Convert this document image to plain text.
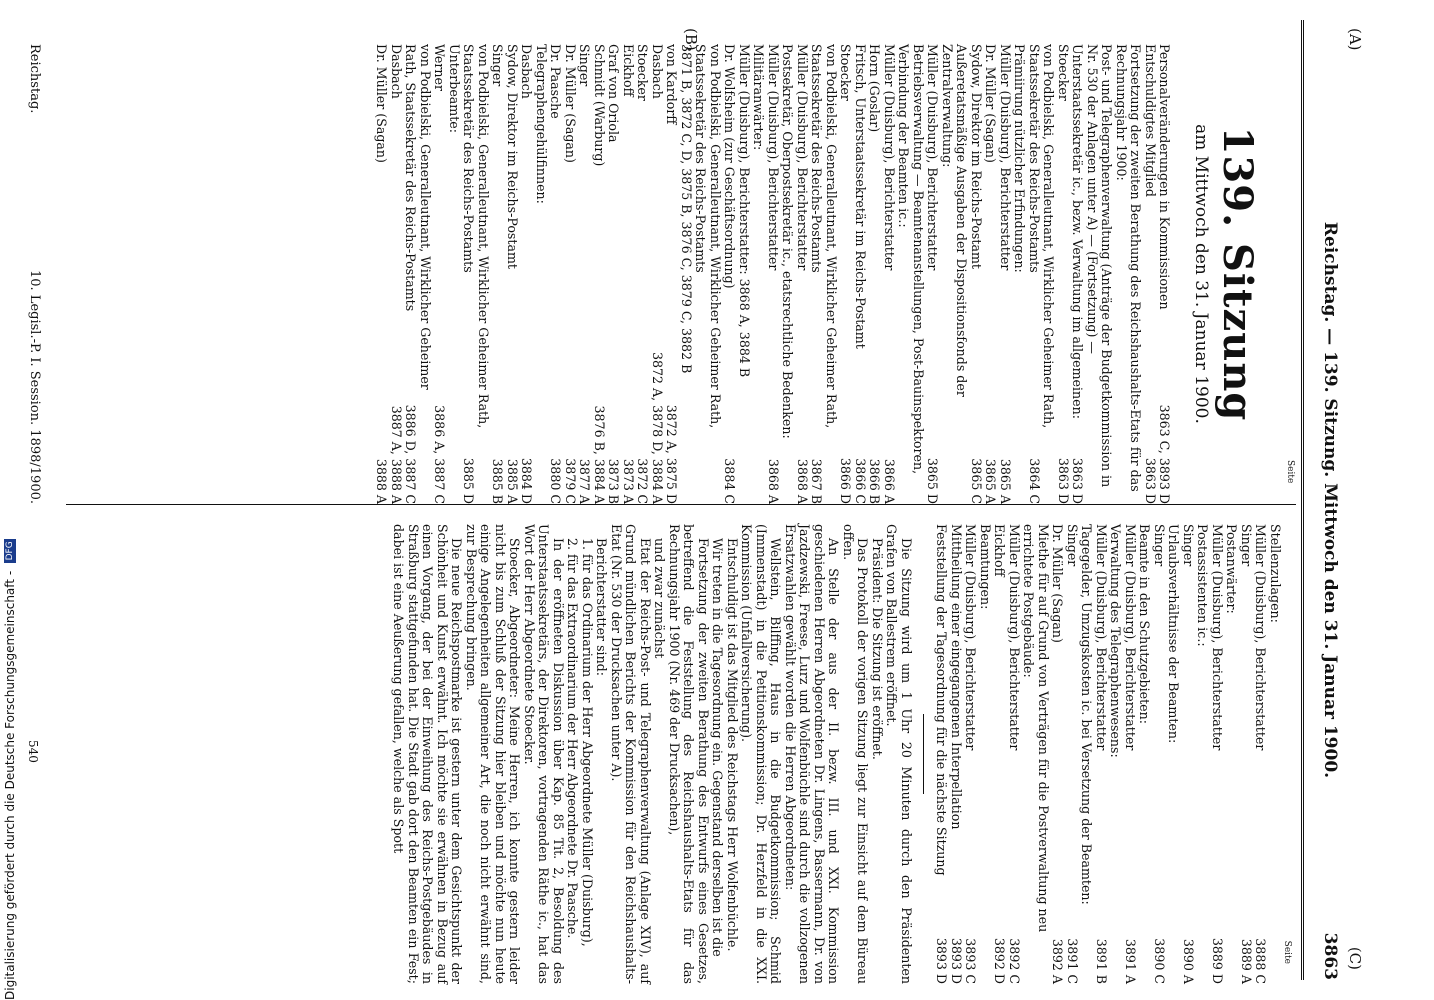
(A)
(C)
(B)
Reichstag. — 139. Sitzung. Mittwoch den 31. Januar 1900.
3863
Seite
Seite
139. Sitzung
am Mittwoch den 31. Januar 1900.
Personalveränderungen in Kommissionen
3863 C, 3893 D
Entschuldigtes Mitglied
3863 D
Fortsetzung der zweiten Berathung des Reichshaushalts-Etats für das Rechnungsjahr 1900:
Post- und Telegraphenverwaltung (Anträge der Budgetkommission in Nr. 530 der Anlagen unter A) — (Fortsetzung) —
Unterstaatssekretär ic., bezw. Verwaltung im allgemeinen:
3863 D
Stoecker
3863 D
von Podbielski, Generalleutnant, Wirklicher Geheimer Rath, Staatssekretär des Reichs-Postamts
3864 C
Prämiirung nützlicher Erfindungen:
Müller (Duisburg), Berichterstatter
3865 A
Dr. Müller (Sagan)
3865 A
Sydow, Direktor im Reichs-Postamt
3865 C
Außeretatsmäßige Ausgaben der Dispositionsfonds der Zentralverwaltung:
Müller (Duisburg), Berichterstatter
3865 D
Betriebsverwaltung — Beamtenanstellungen, Post-Bauinspektoren, Verbindung der Beamten ic.:
Müller (Duisburg), Berichterstatter
3866 A
Horn (Goslar)
3866 B
Fritsch, Unterstaatssekretär im Reichs-Postamt
3866 C
Stoecker
3866 D
von Podbielski, Generalleutnant, Wirklicher Geheimer Rath, Staatssekretär des Reichs-Postamts
3867 B
Müller (Duisburg), Berichterstatter
3868 A
Postsekretär, Oberpostsekretär ic., etatsrechtliche Bedenken:
Müller (Duisburg), Berichterstatter
3868 A
Militäranwärter:
Müller (Duisburg), Berichterstatter: 3868 A, 3884 B
Dr. Wolfsheim (zur Geschäftsordnung)
3884 C
von Podbielski, Generalleutnant, Wirklicher Geheimer Rath, Staatssekretär des Reichs-Postamts
3871 B, 3872 C, D, 3875 B, 3876 C, 3879 C, 3882 B
von Kardorff
3872 A, 3875 D
Dasbach
3872 A, 3878 D, 3884 A
Stoecker
3872 C
Eickhoff
3873 A
Graf von Oriola
3873 B
Schmidt (Warburg)
3876 B, 3884 A
Singer
3877 A
Dr. Müller (Sagan)
3879 C
Dr. Paasche
3880 C
Telegraphengehülfinnen:
Dasbach
3884 D
Sydow, Direktor im Reichs-Postamt
3885 A
Singer
3885 B
von Podbielski, Generalleutnant, Wirklicher Geheimer Rath, Staatssekretär des Reichs-Postamts
3885 D
Unterbeamte:
Werner
3886 A, 3887 C
von Podbielski, Generalleutnant, Wirklicher Geheimer Rath, Staatssekretär des Reichs-Postamts
3886 D, 3887 C
Dasbach
3887 A, 3888 A
Dr. Müller (Sagan)
3888 A
Stellenzulagen:
Müller (Duisburg), Berichterstatter
3888 C
Singer
3889 A
Postanwärter:
Müller (Duisburg), Berichterstatter
3889 D
Postassistenten ic.:
Singer
3890 A
Urlaubsverhältnisse der Beamten:
Singer
3890 C
Beamte in den Schutzgebieten:
Müller (Duisburg), Berichterstatter
3891 A
Verwaltung des Telegraphenwesens:
Müller (Duisburg), Berichterstatter
3891 B
Tagegelder, Umzugskosten ic. bei Versetzung der Beamten:
Singer
3891 C
Dr. Müller (Sagan)
3892 A
Miethe für auf Grund von Verträgen für die Postverwaltung neu errichtete Postgebäude:
Müller (Duisburg), Berichterstatter
3892 C
Eickhoff
3892 D
Beamtungen:
Müller (Duisburg), Berichterstatter
3893 C
Mittheilung einer eingegangenen Interpellation
3893 D
Feststellung der Tagesordnung für die nächste Sitzung
3893 D
Die Sitzung wird um 1 Uhr 20 Minuten durch den Präsidenten Grafen von Ballestrem eröffnet.
Präsident: Die Sitzung ist eröffnet.
Das Protokoll der vorigen Sitzung liegt zur Einsicht auf dem Büreau offen.
An Stelle der aus der II. bezw. III. und XXI. Kommission geschiedenen Herren Abgeordneten Dr. Lingens, Bassermann, Dr. von Jazdzewski, Freese, Lurz und Wolfenbüchle sind durch die vollzogenen Ersatzwahlen gewählt worden die Herren Abgeordneten:
Wellstein, Bilffing, Haus in die Budgetkommission; Schmid (Immenstadt) in die Petitionskommission; Dr. Herzfeld in die XXI. Kommission (Unfallversicherung).
Entschuldigt ist das Mitglied des Reichstags Herr Wolfenbüchle.
Wir treten in die Tagesordnung ein. Gegenstand derselben ist die
Fortsetzung der zweiten Berathung des Entwurfs eines Gesetzes, betreffend die Feststellung des Reichshaushalts-Etats für das Rechnungsjahr 1900 (Nr. 469 der Drucksachen),
und zwar zunächst
Etat der Reichs-Post- und Telegraphenverwaltung (Anlage XIV), auf Grund mündlichen Berichts der Kommission für den Reichshaushalts-Etat (Nr. 530 der Drucksachen unter A).
Berichterstatter sind:
1. für das Ordinarium der Herr Abgeordnete Müller (Duisburg),
2. für das Extraordinarium der Herr Abgeordnete Dr. Paasche.
In der eröffneten Diskussion über Kap. 85 Tit. 2, Besoldung des Unterstaatssekretärs, der Direktoren, vortragenden Räthe ic., hat das Wort der Herr Abgeordnete Stoecker.
Stoecker, Abgeordneter: Meine Herren, ich konnte gestern leider nicht bis zum Schluß der Sitzung hier bleiben und möchte nun heute einige Angelegenheiten allgemeiner Art, die noch nicht erwähnt sind, zur Besprechung bringen.
Die neue Reichspostmarke ist gestern unter dem Gesichtspunkt der Schönheit und Kunst erwähnt. Ich möchte sie erwähnen in Bezug auf einen Vorgang, der bei der Einweihung des Reichs-Postgebäudes in Straßburg stattgefunden hat. Die Stadt gab dort den Beamten ein Fest; dabei ist eine Aeußerung gefallen, welche als Spott
Reichstag.
10. Legisl.-P. I. Session. 1898/1900.
540
Digitalisierung gefördert durch die Deutsche Forschungsgemeinschaft -
DFG
